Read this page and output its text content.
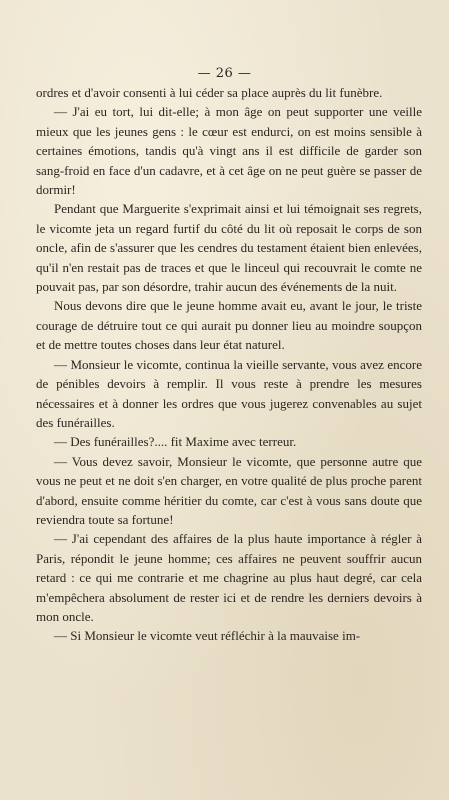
— 26 —

ordres et d'avoir consenti à lui céder sa place auprès du lit funèbre.

— J'ai eu tort, lui dit-elle; à mon âge on peut supporter une veille mieux que les jeunes gens : le cœur est endurci, on est moins sensible à certaines émotions, tandis qu'à vingt ans il est difficile de garder son sang-froid en face d'un cadavre, et à cet âge on ne peut guère se passer de dormir!

Pendant que Marguerite s'exprimait ainsi et lui témoignait ses regrets, le vicomte jeta un regard furtif du côté du lit où reposait le corps de son oncle, afin de s'assurer que les cendres du testament étaient bien enlevées, qu'il n'en restait pas de traces et que le linceul qui recouvrait le comte ne pouvait pas, par son désordre, trahir aucun des événements de la nuit.

Nous devons dire que le jeune homme avait eu, avant le jour, le triste courage de détruire tout ce qui aurait pu donner lieu au moindre soupçon et de mettre toutes choses dans leur état naturel.

— Monsieur le vicomte, continua la vieille servante, vous avez encore de pénibles devoirs à remplir. Il vous reste à prendre les mesures nécessaires et à donner les ordres que vous jugerez convenables au sujet des funérailles.

— Des funérailles?.... fit Maxime avec terreur.

— Vous devez savoir, Monsieur le vicomte, que personne autre que vous ne peut et ne doit s'en charger, en votre qualité de plus proche parent d'abord, ensuite comme héritier du comte, car c'est à vous sans doute que reviendra toute sa fortune!

— J'ai cependant des affaires de la plus haute importance à régler à Paris, répondit le jeune homme; ces affaires ne peuvent souffrir aucun retard : ce qui me contrarie et me chagrine au plus haut degré, car cela m'empêchera absolument de rester ici et de rendre les derniers devoirs à mon oncle.

— Si Monsieur le vicomte veut réfléchir à la mauvaise im-
